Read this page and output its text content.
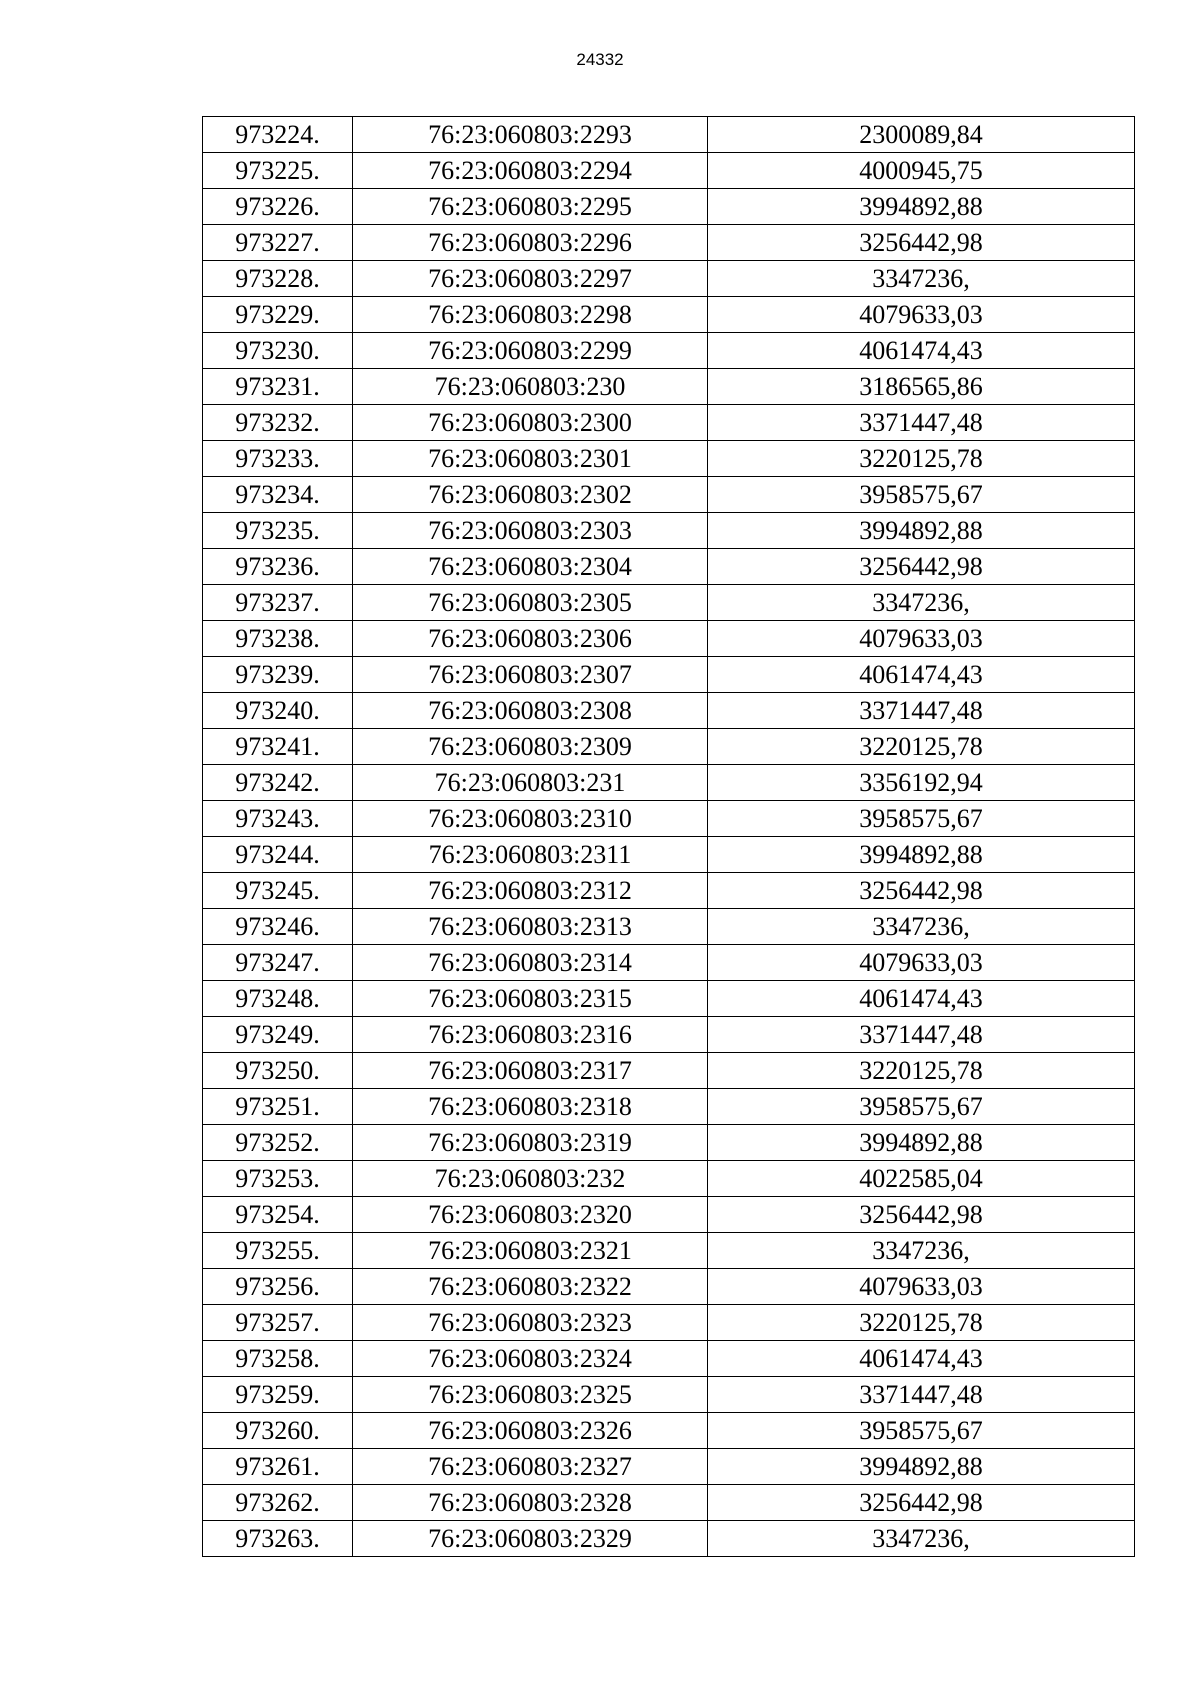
24332
973224.	76:23:060803:2293	2300089,84
973225.	76:23:060803:2294	4000945,75
973226.	76:23:060803:2295	3994892,88
973227.	76:23:060803:2296	3256442,98
973228.	76:23:060803:2297	3347236,
973229.	76:23:060803:2298	4079633,03
973230.	76:23:060803:2299	4061474,43
973231.	76:23:060803:230	3186565,86
973232.	76:23:060803:2300	3371447,48
973233.	76:23:060803:2301	3220125,78
973234.	76:23:060803:2302	3958575,67
973235.	76:23:060803:2303	3994892,88
973236.	76:23:060803:2304	3256442,98
973237.	76:23:060803:2305	3347236,
973238.	76:23:060803:2306	4079633,03
973239.	76:23:060803:2307	4061474,43
973240.	76:23:060803:2308	3371447,48
973241.	76:23:060803:2309	3220125,78
973242.	76:23:060803:231	3356192,94
973243.	76:23:060803:2310	3958575,67
973244.	76:23:060803:2311	3994892,88
973245.	76:23:060803:2312	3256442,98
973246.	76:23:060803:2313	3347236,
973247.	76:23:060803:2314	4079633,03
973248.	76:23:060803:2315	4061474,43
973249.	76:23:060803:2316	3371447,48
973250.	76:23:060803:2317	3220125,78
973251.	76:23:060803:2318	3958575,67
973252.	76:23:060803:2319	3994892,88
973253.	76:23:060803:232	4022585,04
973254.	76:23:060803:2320	3256442,98
973255.	76:23:060803:2321	3347236,
973256.	76:23:060803:2322	4079633,03
973257.	76:23:060803:2323	3220125,78
973258.	76:23:060803:2324	4061474,43
973259.	76:23:060803:2325	3371447,48
973260.	76:23:060803:2326	3958575,67
973261.	76:23:060803:2327	3994892,88
973262.	76:23:060803:2328	3256442,98
973263.	76:23:060803:2329	3347236,
